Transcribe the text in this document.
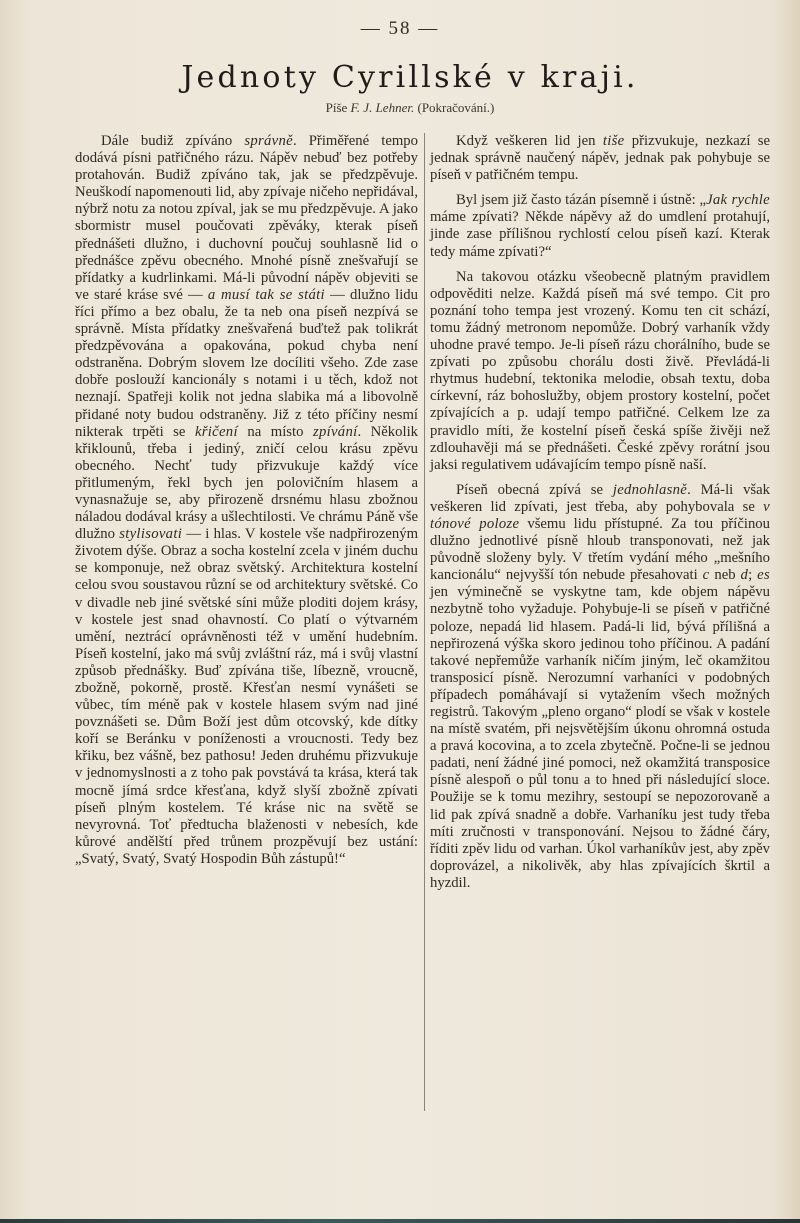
— 58 —
Jednoty Cyrillské v kraji.
Píše F. J. Lehner. (Pokračování.)

Dále budiž zpíváno správně. Přiměřené tempo dodává písni patřičného rázu. Nápěv nebuď bez potřeby protahován. Budiž zpíváno tak, jak se předzpěvuje. Neuškodí napomenouti lid, aby zpívaje ničeho nepřidával, nýbrž notu za notou zpíval, jak se mu předzpěvuje. A jako sbormistr musel poučovati zpěváky, kterak píseň přednášeti dlužno, i duchovní poučuj souhlasně lid o přednášce zpěvu obecného. Mnohé písně znešvařují se přídatky a kudrlinkami. Má-li původní nápěv objeviti se ve staré kráse své — a musí tak se státi — dlužno lidu říci přímo a bez obalu, že ta neb ona píseň nezpívá se správně. Místa přídatky znešvařená buďtež pak tolikrát předzpěvována a opakována, pokud chyba není odstraněna. Dobrým slovem lze docíliti všeho. Zde zase dobře poslouží kancionály s notami i u těch, kdož not neznají. Spatřeji kolik not jedna slabika má a libovolně přidané noty budou odstraněny. Již z této příčiny nesmí nikterak trpěti se křičení na místo zpívání. Několik křiklounů, třeba i jediný, zničí celou krásu zpěvu obecného. Nechť tudy přizvukuje každý více přitlumeným, řekl bych jen polovičním hlasem a vynasnažuje se, aby přirozeně drsnému hlasu zbožnou náladou dodával krásy a ušlechtilosti. Ve chrámu Páně vše dlužno stylisovati — i hlas. V kostele vše nadpřirozeným životem dýše. Obraz a socha kostelní zcela v jiném duchu se komponuje, než obraz světský. Architektura kostelní celou svou soustavou různí se od architektury světské. Co v divadle neb jiné světské síni může ploditi dojem krásy, v kostele jest snad ohavností. Co platí o výtvarném umění, neztrácí oprávněnosti též v umění hudebním. Píseň kostelní, jako má svůj zvláštní ráz, má i svůj vlastní způsob přednášky. Buď zpívána tiše, líbezně, vroucně, zbožně, pokorně, prostě. Křesťan nesmí vynášeti se vůbec, tím méně pak v kostele hlasem svým nad jiné povznášeti se. Dům Boží jest dům otcovský, kde dítky koří se Beránku v poníženosti a vroucnosti. Tedy bez křiku, bez vášně, bez pathosu! Jeden druhému přizvukuje v jednomyslnosti a z toho pak povstává ta krása, která tak mocně jímá srdce křesťana, když slyší zbožně zpívati píseň plným kostelem. Té kráse nic na světě se nevyrovná. Toť předtucha blaženosti v nebesích, kde kůrové andělští před trůnem prozpěvují bez ustání: „Svatý, Svatý, Svatý Hospodin Bůh zástupů!“

Když veškeren lid jen tiše přizvukuje, nezkazí se jednak správně naučený nápěv, jednak pak pohybuje se píseň v patřičném tempu.

Byl jsem již často tázán písemně i ústně: „Jak rychle máme zpívati? Někde nápěvy až do umdlení protahují, jinde zase přílišnou rychlostí celou píseň kazí. Kterak tedy máme zpívati?“

Na takovou otázku všeobecně platným pravidlem odpověditi nelze. Každá píseň má své tempo. Cit pro poznání toho tempa jest vrozený. Komu ten cit schází, tomu žádný metronom nepomůže. Dobrý varhaník vždy uhodne pravé tempo. Je-li píseň rázu chorálního, bude se zpívati po způsobu chorálu dosti živě. Převládá-li rhytmus hudební, tektonika melodie, obsah textu, doba církevní, ráz bohoslužby, objem prostory kostelní, počet zpívajících a p. udají tempo patřičné. Celkem lze za pravidlo míti, že kostelní píseň česká spíše živěji než zdlouhavěji má se přednášeti. České zpěvy rorátní jsou jaksi regulativem udávajícím tempo písně naší.

Píseň obecná zpívá se jednohlasně. Má-li však veškeren lid zpívati, jest třeba, aby pohybovala se v tónové poloze všemu lidu přístupné. Za tou příčinou dlužno jednotlivé písně hloub transponovati, než jak původně složeny byly. V třetím vydání mého „mešního kancionálu“ nejvyšší tón nebude přesahovati c neb d; es jen výminečně se vyskytne tam, kde objem nápěvu nezbytně toho vyžaduje. Pohybuje-li se píseň v patřičné poloze, nepadá lid hlasem. Padá-li lid, bývá přílišná a nepřirozená výška skoro jedinou toho příčinou. A padání takové nepřemůže varhaník ničím jiným, leč okamžitou transposicí písně. Nerozumní varhaníci v podobných případech pomáhávají si vytažením všech možných registrů. Takovým „pleno organo“ plodí se však v kostele na místě svatém, při nejsvětějším úkonu ohromná ostuda a pravá kocovina, a to zcela zbytečně. Počne-li se jednou padati, není žádné jiné pomoci, než okamžitá transposice písně alespoň o půl tonu a to hned při následující sloce. Použije se k tomu mezihry, sestoupí se nepozorovaně a lid pak zpívá snadně a dobře. Varhaníku jest tudy třeba míti zručnosti v transponování. Nejsou to žádné čáry, říditi zpěv lidu od varhan. Úkol varhaníkův jest, aby zpěv doprovázel, a nikolivěk, aby hlas zpívajících škrtil a hyzdil.
